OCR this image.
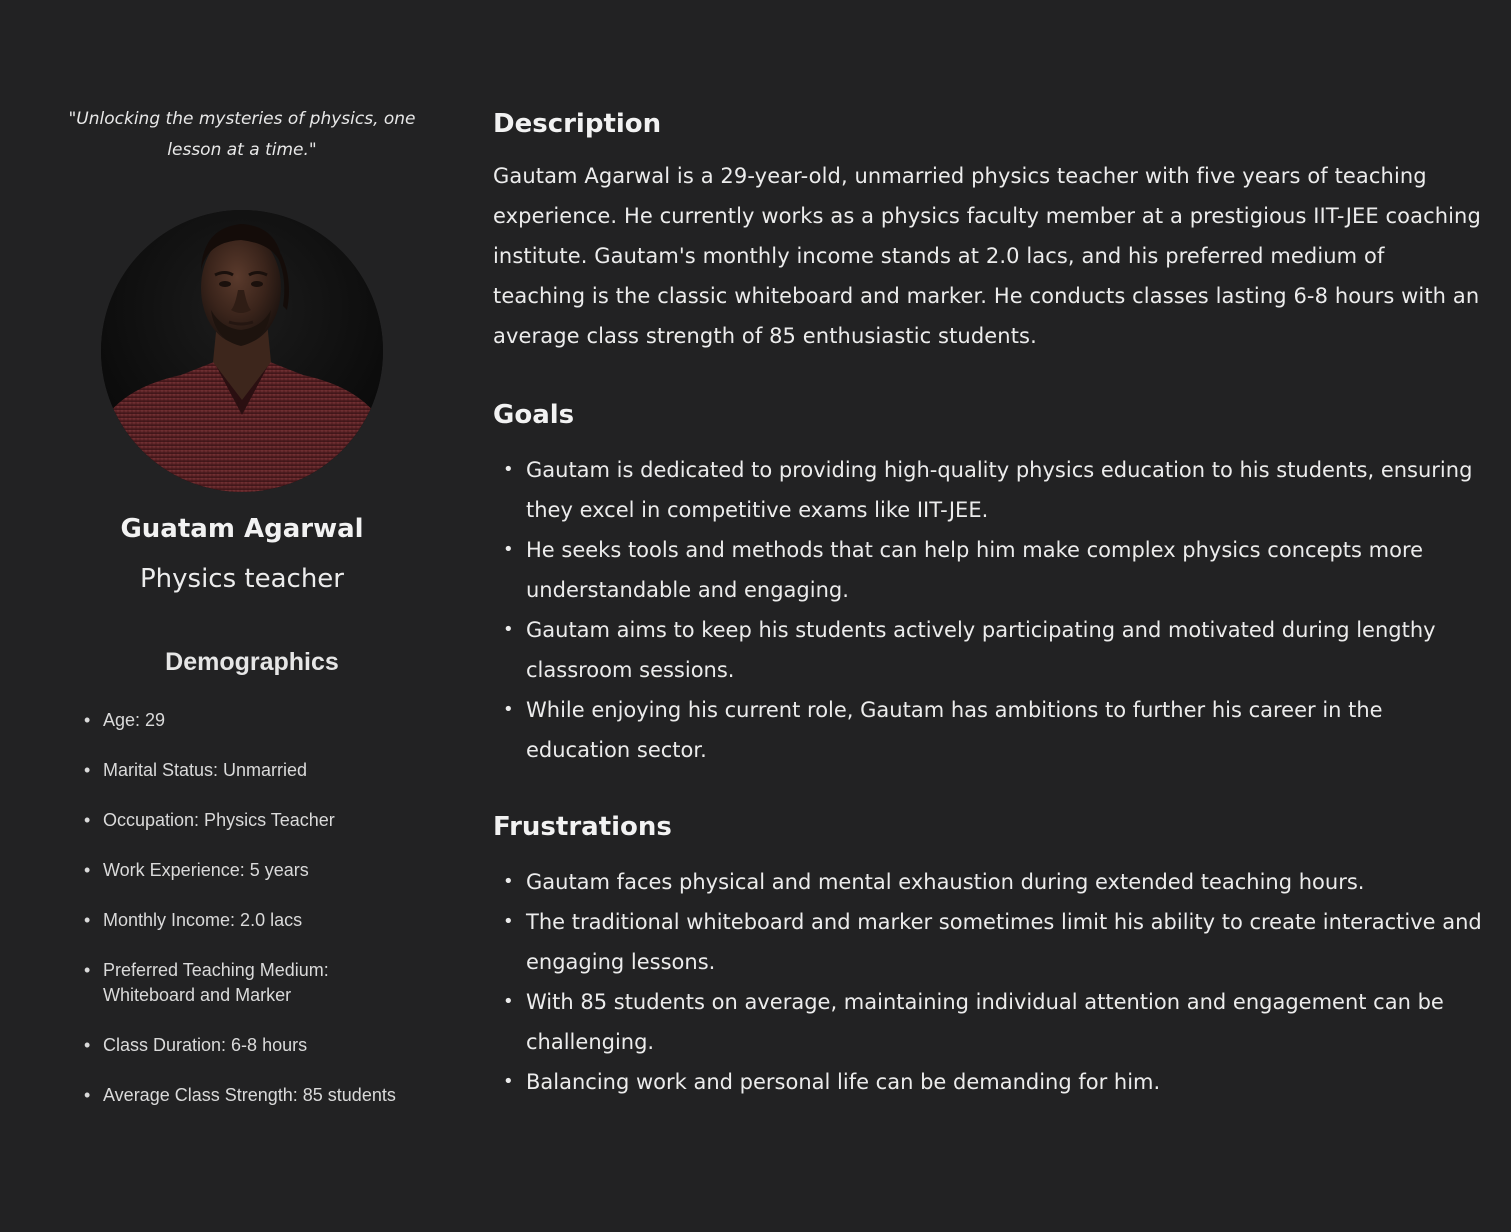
"Unlocking the mysteries of physics, one lesson at a time."

Guatam Agarwal
Physics teacher
Demographics
• Age: 29
• Marital Status: Unmarried
• Occupation: Physics Teacher
• Work Experience: 5 years
• Monthly Income: 2.0 lacs
• Preferred Teaching Medium: Whiteboard and Marker
• Class Duration: 6-8 hours
• Average Class Strength: 85 students
Description

Gautam Agarwal is a 29-year-old, unmarried physics teacher with five years of teaching experience. He currently works as a physics faculty member at a prestigious IIT-JEE coaching institute. Gautam's monthly income stands at 2.0 lacs, and his preferred medium of teaching is the classic whiteboard and marker. He conducts classes lasting 6-8 hours with an average class strength of 85 enthusiastic students.

Goals
• Gautam is dedicated to providing high-quality physics education to his students, ensuring they excel in competitive exams like IIT-JEE.
• He seeks tools and methods that can help him make complex physics concepts more understandable and engaging.
• Gautam aims to keep his students actively participating and motivated during lengthy classroom sessions.
• While enjoying his current role, Gautam has ambitions to further his career in the education sector.
Frustrations
• Gautam faces physical and mental exhaustion during extended teaching hours.
• The traditional whiteboard and marker sometimes limit his ability to create interactive and engaging lessons.
• With 85 students on average, maintaining individual attention and engagement can be challenging.
• Balancing work and personal life can be demanding for him.
